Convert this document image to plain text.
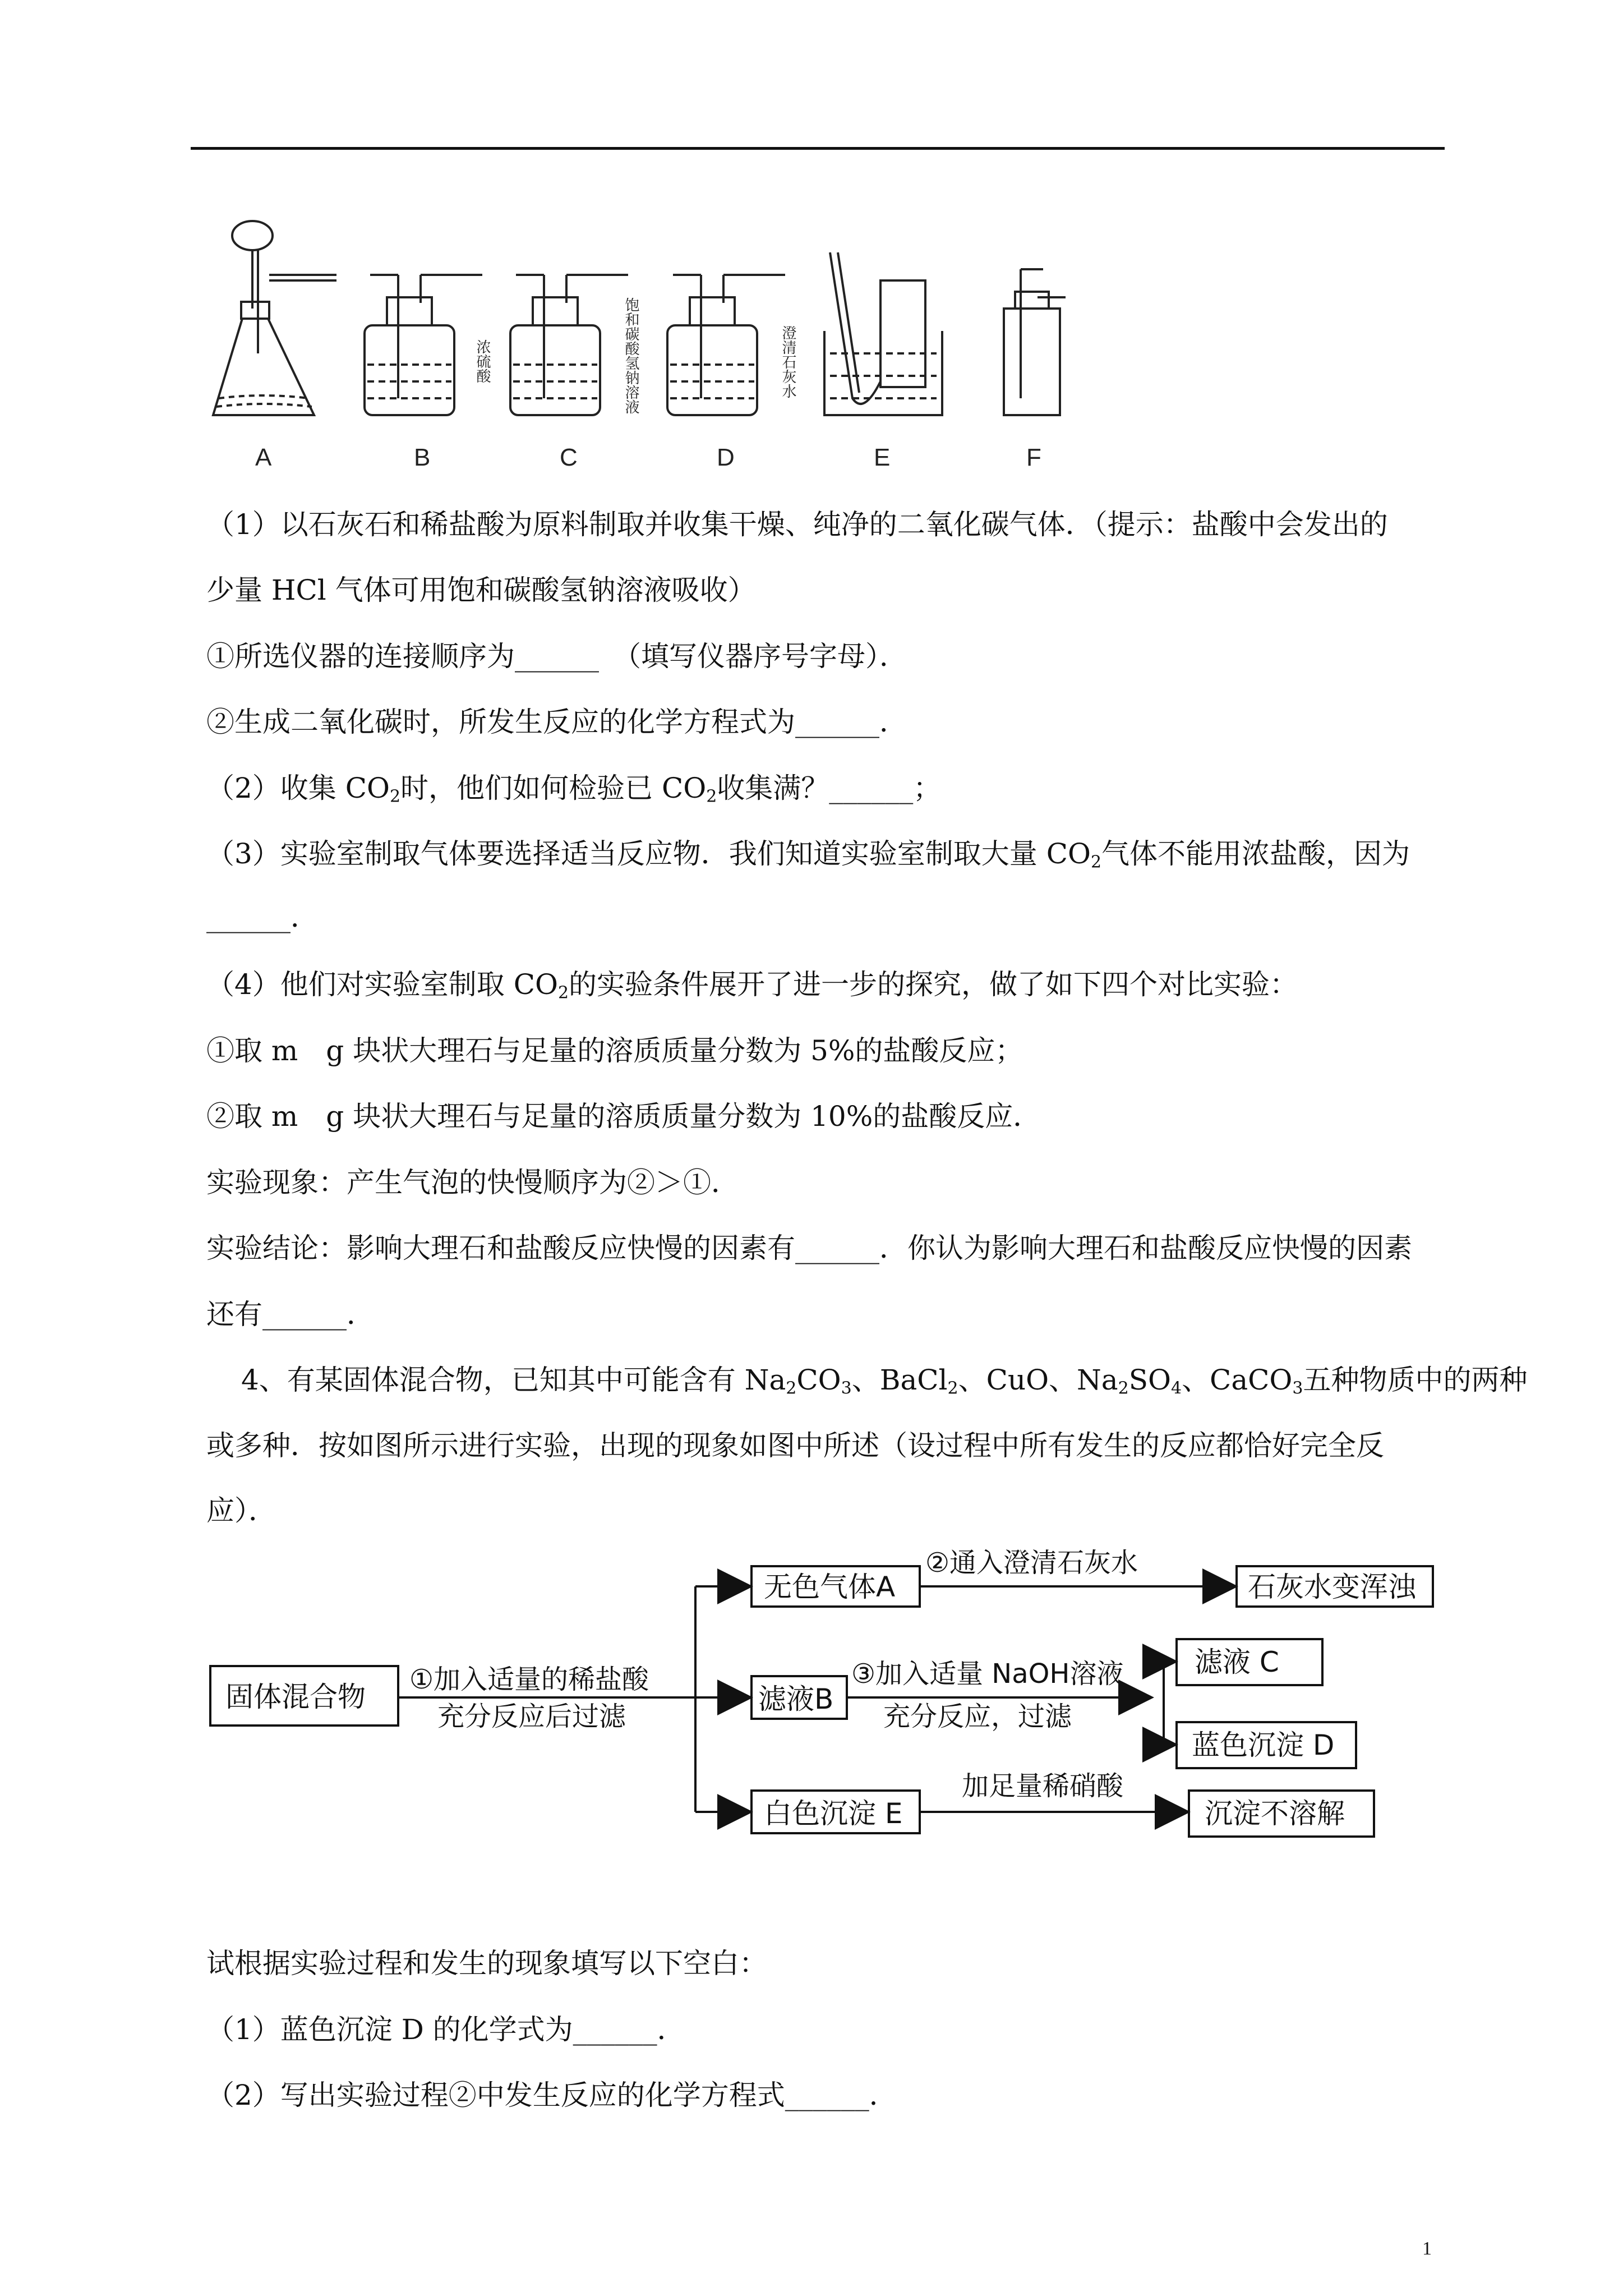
浓硫酸	饱和碳酸氢钠溶液	澄清石灰水
A	B	C	D	E	F
（1）以石灰石和稀盐酸为原料制取并收集干燥、纯净的二氧化碳气体．（提示：盐酸中会发出的
少量 HCl 气体可用饱和碳酸氢钠溶液吸收）
①所选仪器的连接顺序为______　（填写仪器序号字母）．
②生成二氧化碳时，所发生反应的化学方程式为______．
（2）收集 $CO_2$时，他们如何检验已 $CO_2$收集满？______；
（3）实验室制取气体要选择适当反应物．我们知道实验室制取大量 $CO_2$气体不能用浓盐酸，因为
______．
（4）他们对实验室制取 $CO_2$的实验条件展开了进一步的探究，做了如下四个对比实验：
①取 m　g 块状大理石与足量的溶质质量分数为 5%的盐酸反应；
②取 m　g 块状大理石与足量的溶质质量分数为 10%的盐酸反应．
实验现象：产生气泡的快慢顺序为②＞①．
实验结论：影响大理石和盐酸反应快慢的因素有______．你认为影响大理石和盐酸反应快慢的因素
还有______．
4、有某固体混合物，已知其中可能含有 $Na_2CO_3$、BaCl$_2$、CuO、$Na_2SO_4$、CaCO$_3$五种物质中的两种
或多种．按如图所示进行实验，出现的现象如图中所述（设过程中所有发生的反应都恰好完全反
应）．
固体混合物
①加入适量的稀盐酸
充分反应后过滤
无色气体A
②通入澄清石灰水
石灰水变浑浊
滤液B
③加入适量 NaOH溶液
充分反应，过滤
滤液 C
蓝色沉淀 D
白色沉淀 E
加足量稀硝酸
沉淀不溶解
试根据实验过程和发生的现象填写以下空白：
（1）蓝色沉淀 D 的化学式为______．
（2）写出实验过程②中发生反应的化学方程式______．
1
